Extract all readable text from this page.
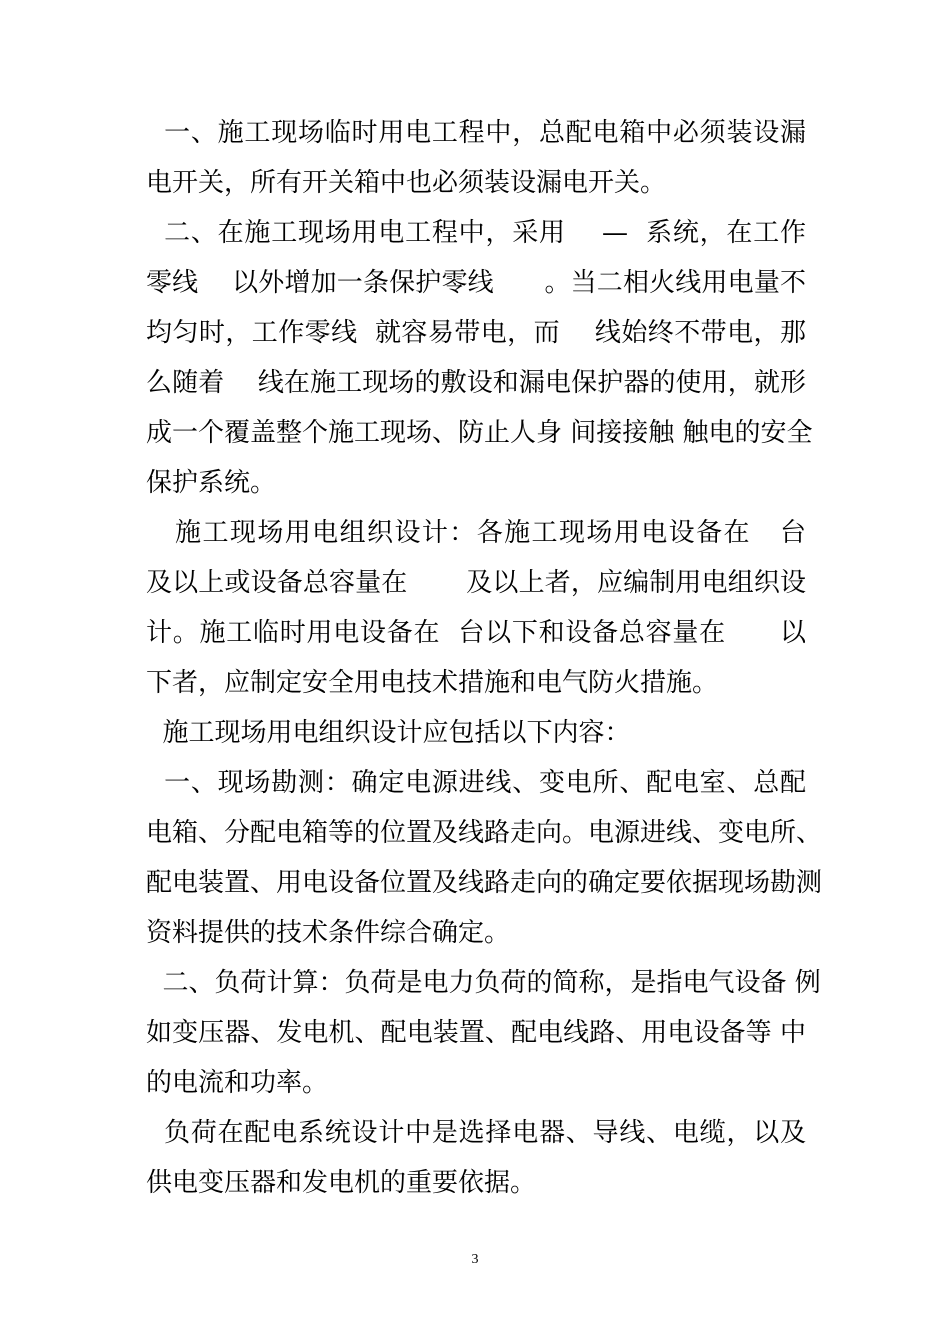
一、施工现场临时用电工程中，总配电箱中必须装设漏
电开关，所有开关箱中也必须装设漏电开关。
二、在施工现场用电工程中，采用    —  系统，在工作
零线    以外增加一条保护零线      。当二相火线用电量不
均匀时，工作零线  就容易带电，而    线始终不带电，那
么随着    线在施工现场的敷设和漏电保护器的使用，就形
成一个覆盖整个施工现场、防止人身 间接接触 触电的安全
保护系统。
施工现场用电组织设计：各施工现场用电设备在   台
及以上或设备总容量在       及以上者，应编制用电组织设
计。施工临时用电设备在  台以下和设备总容量在      以
下者，应制定安全用电技术措施和电气防火措施。
施工现场用电组织设计应包括以下内容：
一、现场勘测：确定电源进线、变电所、配电室、总配
电箱、分配电箱等的位置及线路走向。电源进线、变电所、
配电装置、用电设备位置及线路走向的确定要依据现场勘测
资料提供的技术条件综合确定。
二、负荷计算：负荷是电力负荷的简称，是指电气设备 例
如变压器、发电机、配电装置、配电线路、用电设备等 中
的电流和功率。
负荷在配电系统设计中是选择电器、导线、电缆，以及
供电变压器和发电机的重要依据。
3
